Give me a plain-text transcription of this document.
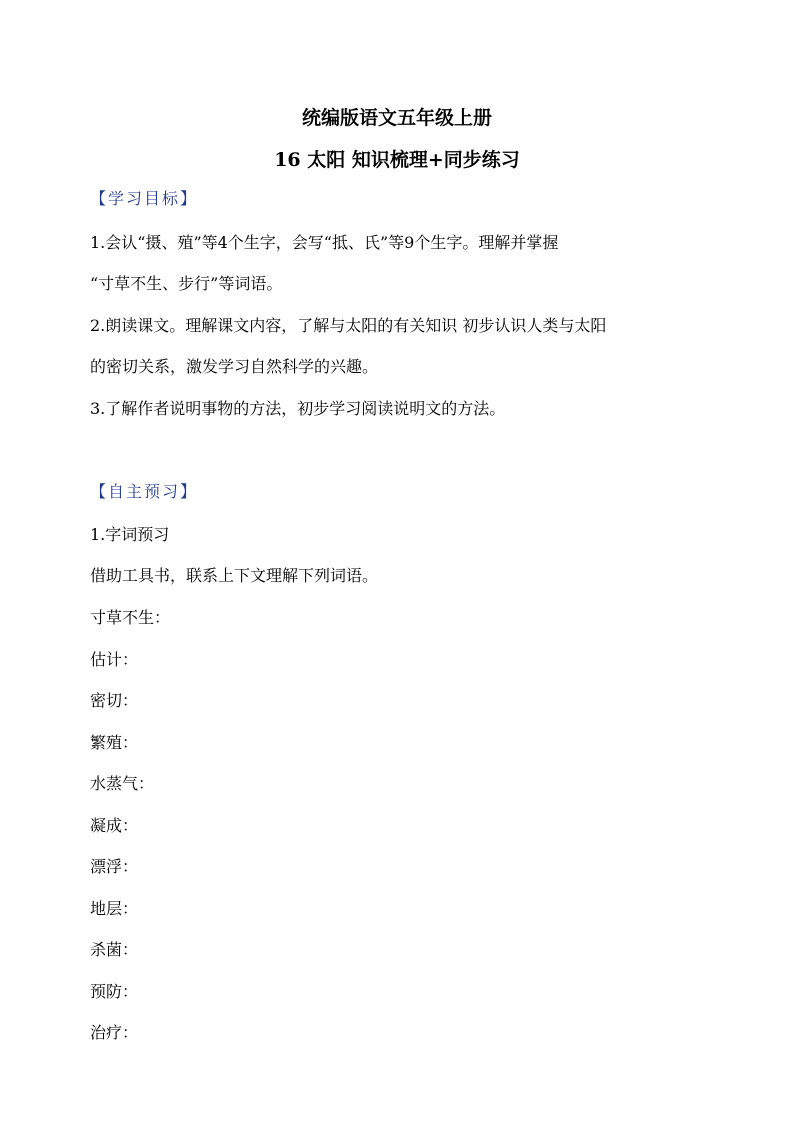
统编版语文五年级上册
16 太阳 知识梳理+同步练习
【学习目标】
1.会认“摄、殖”等4个生字，会写“抵、氏”等9个生字。理解并掌握
“寸草不生、步行”等词语。
2.朗读课文。理解课文内容，了解与太阳的有关知识 初步认识人类与太阳
的密切关系，激发学习自然科学的兴趣。
3.了解作者说明事物的方法，初步学习阅读说明文的方法。
【自主预习】
1.字词预习
借助工具书，联系上下文理解下列词语。
寸草不生：
估计：
密切：
繁殖：
水蒸气：
凝成：
漂浮：
地层：
杀菌：
预防：
治疗：
